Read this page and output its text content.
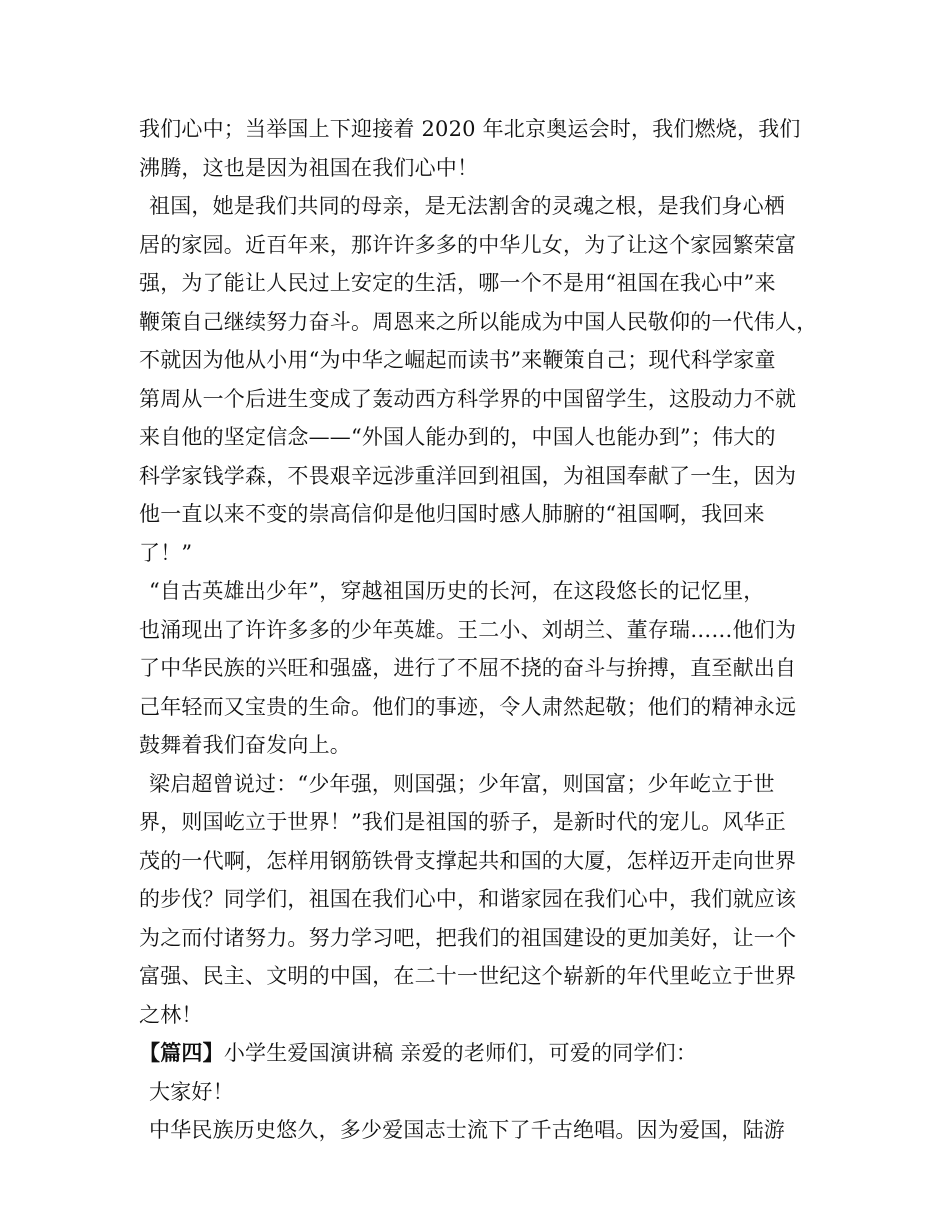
我们心中；当举国上下迎接着 2020 年北京奥运会时，我们燃烧，我们
沸腾，这也是因为祖国在我们心中！
祖国，她是我们共同的母亲，是无法割舍的灵魂之根，是我们身心栖
居的家园。近百年来，那许许多多的中华儿女，为了让这个家园繁荣富
强，为了能让人民过上安定的生活，哪一个不是用“祖国在我心中”来
鞭策自己继续努力奋斗。周恩来之所以能成为中国人民敬仰的一代伟人，
不就因为他从小用“为中华之崛起而读书”来鞭策自己；现代科学家童
第周从一个后进生变成了轰动西方科学界的中国留学生，这股动力不就
来自他的坚定信念——“外国人能办到的，中国人也能办到”；伟大的
科学家钱学森，不畏艰辛远涉重洋回到祖国，为祖国奉献了一生，因为
他一直以来不变的崇高信仰是他归国时感人肺腑的“祖国啊，我回来
了！”
“自古英雄出少年”，穿越祖国历史的长河，在这段悠长的记忆里，
也涌现出了许许多多的少年英雄。王二小、刘胡兰、董存瑞……他们为
了中华民族的兴旺和强盛，进行了不屈不挠的奋斗与拚搏，直至献出自
己年轻而又宝贵的生命。他们的事迹，令人肃然起敬；他们的精神永远
鼓舞着我们奋发向上。
梁启超曾说过：“少年强，则国强；少年富，则国富；少年屹立于世
界，则国屹立于世界！”我们是祖国的骄子，是新时代的宠儿。风华正
茂的一代啊，怎样用钢筋铁骨支撑起共和国的大厦，怎样迈开走向世界
的步伐？同学们，祖国在我们心中，和谐家园在我们心中，我们就应该
为之而付诸努力。努力学习吧，把我们的祖国建设的更加美好，让一个
富强、民主、文明的中国，在二十一世纪这个崭新的年代里屹立于世界
之林！
【篇四】小学生爱国演讲稿 亲爱的老师们，可爱的同学们：
大家好！
中华民族历史悠久，多少爱国志士流下了千古绝唱。因为爱国，陆游
